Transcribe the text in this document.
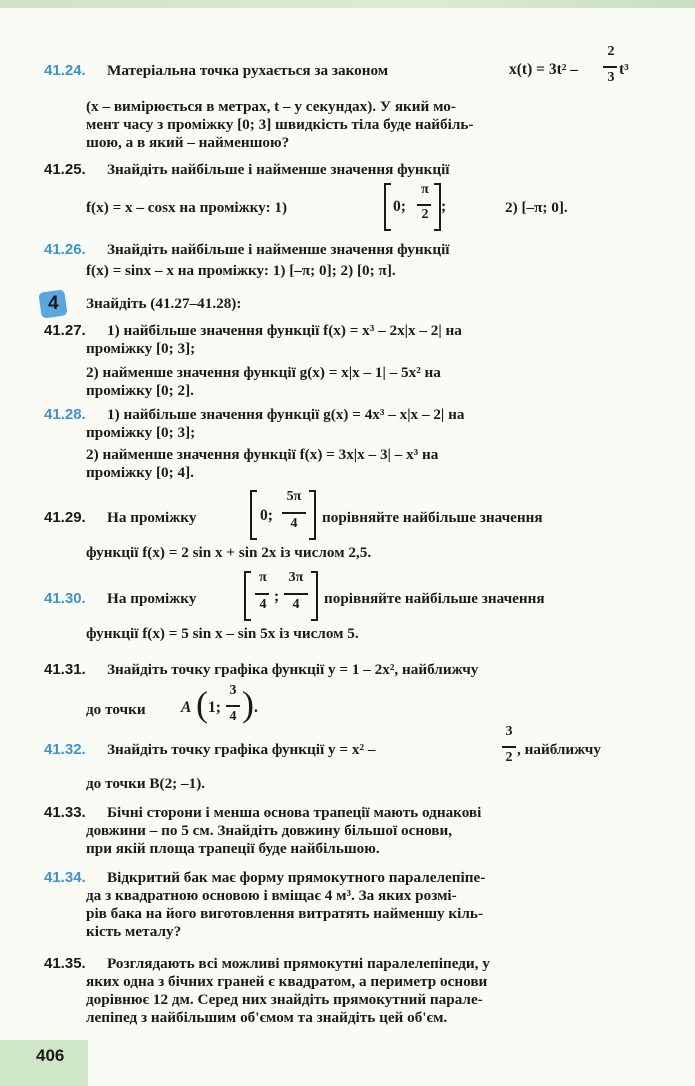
41.24. Матеріальна точка рухається за законом	x(t) = 3t² –
2
3 t³
(x – вимірюється в метрах, t – у секундах). У який мо-
мент часу з проміжку [0; 3] швидкість тіла буде найбіль-
шою, а в який – найменшою?
41.25. Знайдіть найбільше і найменше значення функції
f(x) = x – cosx на проміжку: 1)	0;
π
2 ;	2) [–π; 0].
41.26. Знайдіть найбільше і найменше значення функції
f(x) = sinx – x на проміжку: 1) [–π; 0]; 2) [0; π].
4 Знайдіть (41.27–41.28):
41.27. 1) найбільше значення функції f(x) = x³ – 2x|x – 2| на
проміжку [0; 3];
2) найменше значення функції g(x) = x|x – 1| – 5x² на
проміжку [0; 2].
41.28. 1) найбільше значення функції g(x) = 4x³ – x|x – 2| на
проміжку [0; 3];
2) найменше значення функції f(x) = 3x|x – 3| – x³ на
проміжку [0; 4].
41.29. На проміжку	0;
5π
4	порівняйте найбільше значення
функції f(x) = 2 sin x + sin 2x із числом 2,5.
41.30. На проміжку
π
4 ;
3π
4	порівняйте найбільше значення
функції f(x) = 5 sin x – sin 5x із числом 5.
41.31. Знайдіть точку графіка функції y = 1 – 2x², найближчу
до точки	A ( 1;
3
4 ) .
41.32. Знайдіть точку графіка функції y = x² –
3
2 , найближчу
до точки B(2; –1).
41.33. Бічні сторони і менша основа трапеції мають однакові
довжини – по 5 см. Знайдіть довжину більшої основи,
при якій площа трапеції буде найбільшою.
41.34. Відкритий бак має форму прямокутного паралелепіпе-
да з квадратною основою і вміщає 4 м³. За яких розмі-
рів бака на його виготовлення витратять найменшу кіль-
кість металу?
41.35. Розглядають всі можливі прямокутні паралелепіпеди, у
яких одна з бічних граней є квадратом, а периметр основи
дорівнює 12 дм. Серед них знайдіть прямокутний парале-
лепіпед з найбільшим об'ємом та знайдіть цей об'єм.
406
